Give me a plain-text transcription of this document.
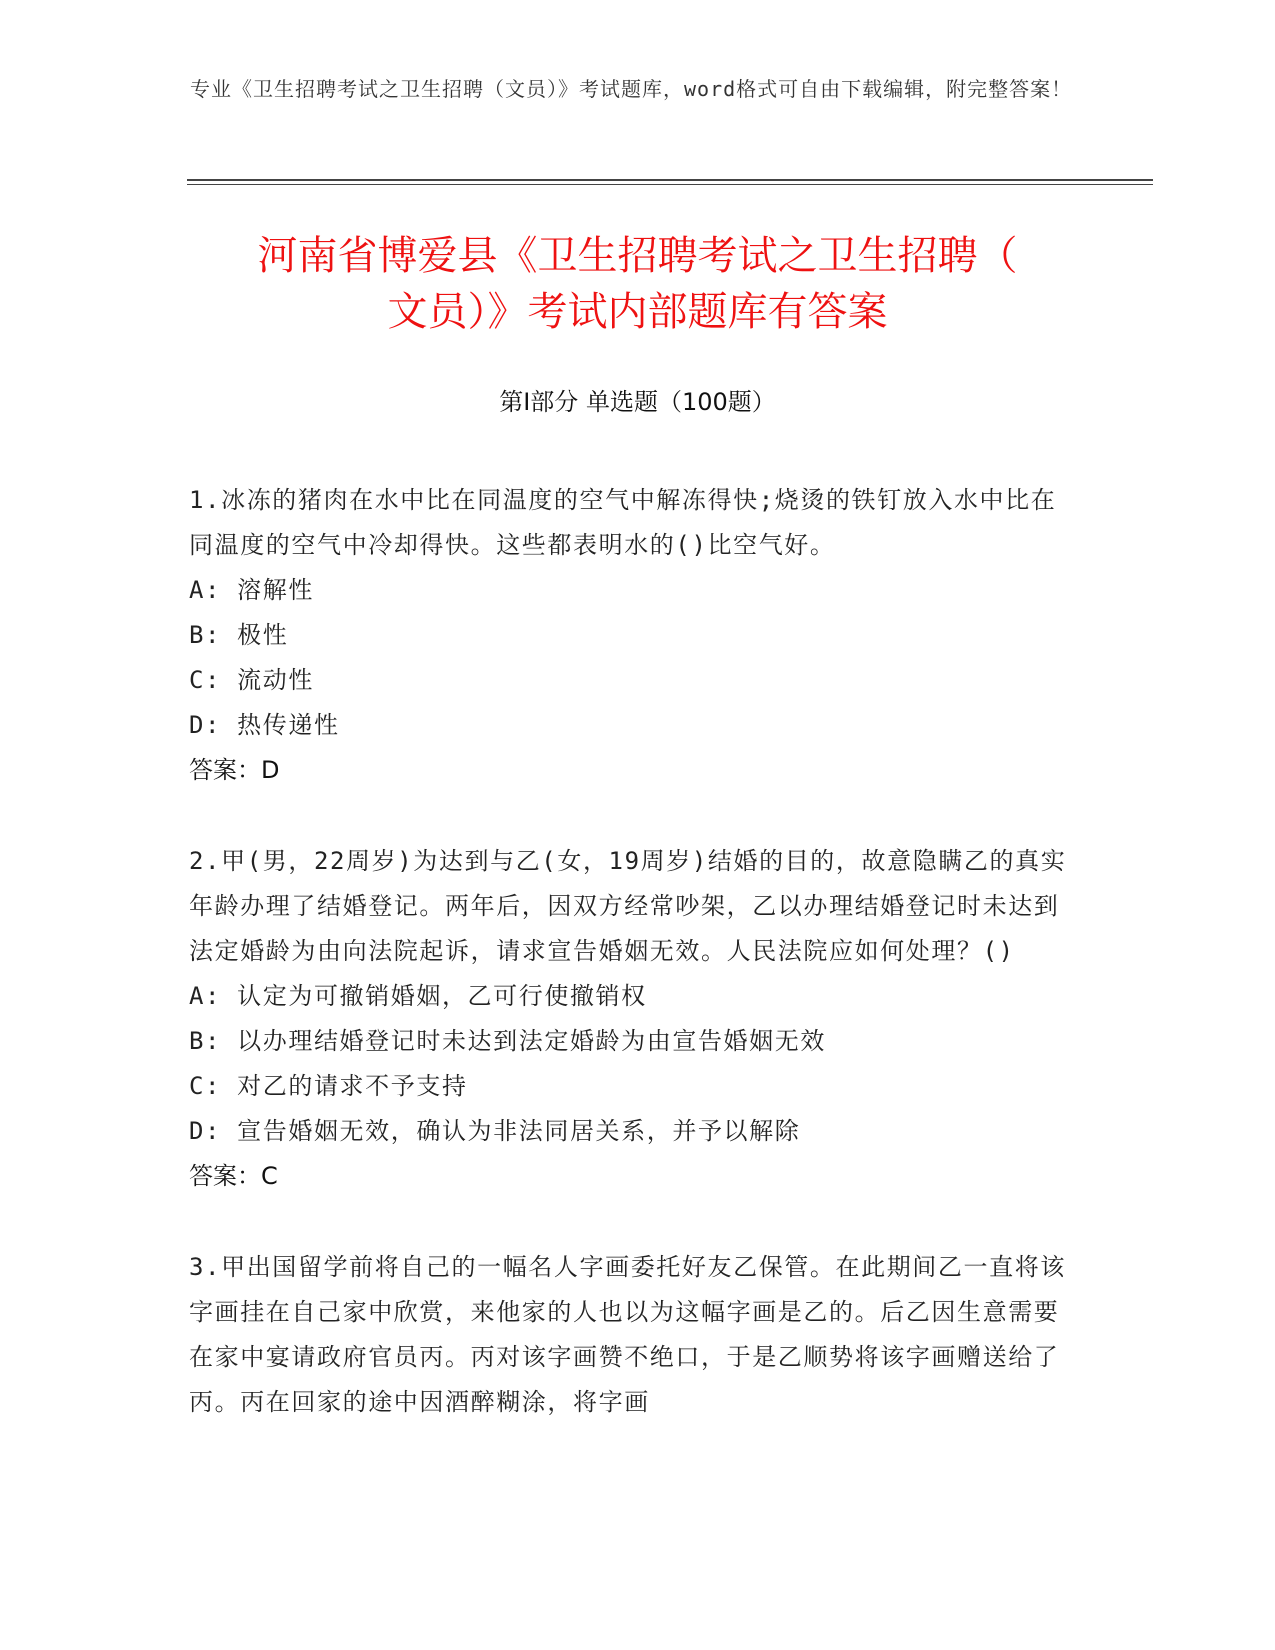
专业《卫生招聘考试之卫生招聘（文员）》考试题库，word格式可自由下载编辑，附完整答案！
河南省博爱县《卫生招聘考试之卫生招聘（
文员）》考试内部题库有答案
第Ⅰ部分 单选题（100题）
1.冰冻的猪肉在水中比在同温度的空气中解冻得快;烧烫的铁钉放入水中比在同温度的空气中冷却得快。这些都表明水的()比空气好。
A: 溶解性
B: 极性
C: 流动性
D: 热传递性
答案：D
2.甲(男，22周岁)为达到与乙(女，19周岁)结婚的目的，故意隐瞒乙的真实年龄办理了结婚登记。两年后，因双方经常吵架，乙以办理结婚登记时未达到法定婚龄为由向法院起诉，请求宣告婚姻无效。人民法院应如何处理？()
A: 认定为可撤销婚姻，乙可行使撤销权
B: 以办理结婚登记时未达到法定婚龄为由宣告婚姻无效
C: 对乙的请求不予支持
D: 宣告婚姻无效，确认为非法同居关系，并予以解除
答案：C
3.甲出国留学前将自己的一幅名人字画委托好友乙保管。在此期间乙一直将该字画挂在自己家中欣赏，来他家的人也以为这幅字画是乙的。后乙因生意需要在家中宴请政府官员丙。丙对该字画赞不绝口，于是乙顺势将该字画赠送给了丙。丙在回家的途中因酒醉糊涂，将字画
